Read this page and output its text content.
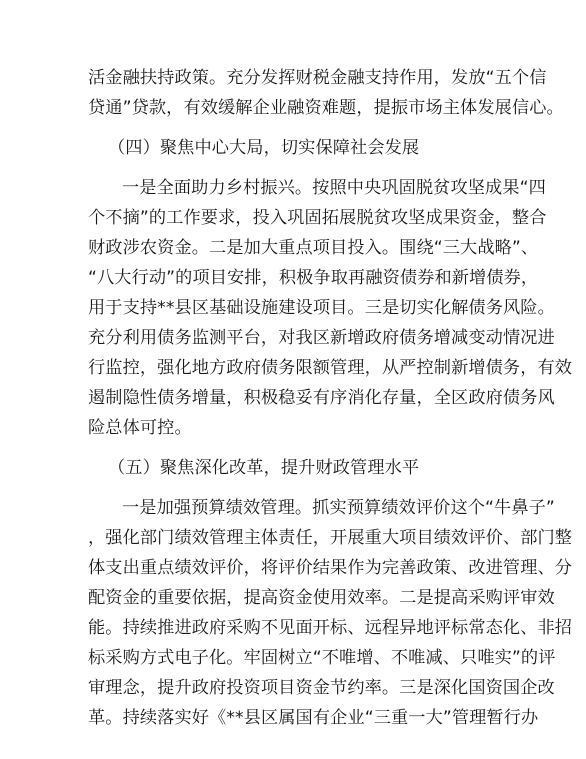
活金融扶持政策。充分发挥财税金融支持作用，发放“五个信
贷通”贷款，有效缓解企业融资难题，提振市场主体发展信心。
（四）聚焦中心大局，切实保障社会发展
一是全面助力乡村振兴。按照中央巩固脱贫攻坚成果“四
个不摘”的工作要求，投入巩固拓展脱贫攻坚成果资金，整合
财政涉农资金。二是加大重点项目投入。围绕“三大战略”、
“八大行动”的项目安排，积极争取再融资债券和新增债券，
用于支持**县区基础设施建设项目。三是切实化解债务风险。
充分利用债务监测平台，对我区新增政府债务增减变动情况进
行监控，强化地方政府债务限额管理，从严控制新增债务，有效
遏制隐性债务增量，积极稳妥有序消化存量，全区政府债务风
险总体可控。
（五）聚焦深化改革，提升财政管理水平
一是加强预算绩效管理。抓实预算绩效评价这个“牛鼻子”
，强化部门绩效管理主体责任，开展重大项目绩效评价、部门整
体支出重点绩效评价，将评价结果作为完善政策、改进管理、分
配资金的重要依据，提高资金使用效率。二是提高采购评审效
能。持续推进政府采购不见面开标、远程异地评标常态化、非招
标采购方式电子化。牢固树立“不唯增、不唯减、只唯实”的评
审理念，提升政府投资项目资金节约率。三是深化国资国企改
革。持续落实好《**县区属国有企业“三重一大”管理暂行办
